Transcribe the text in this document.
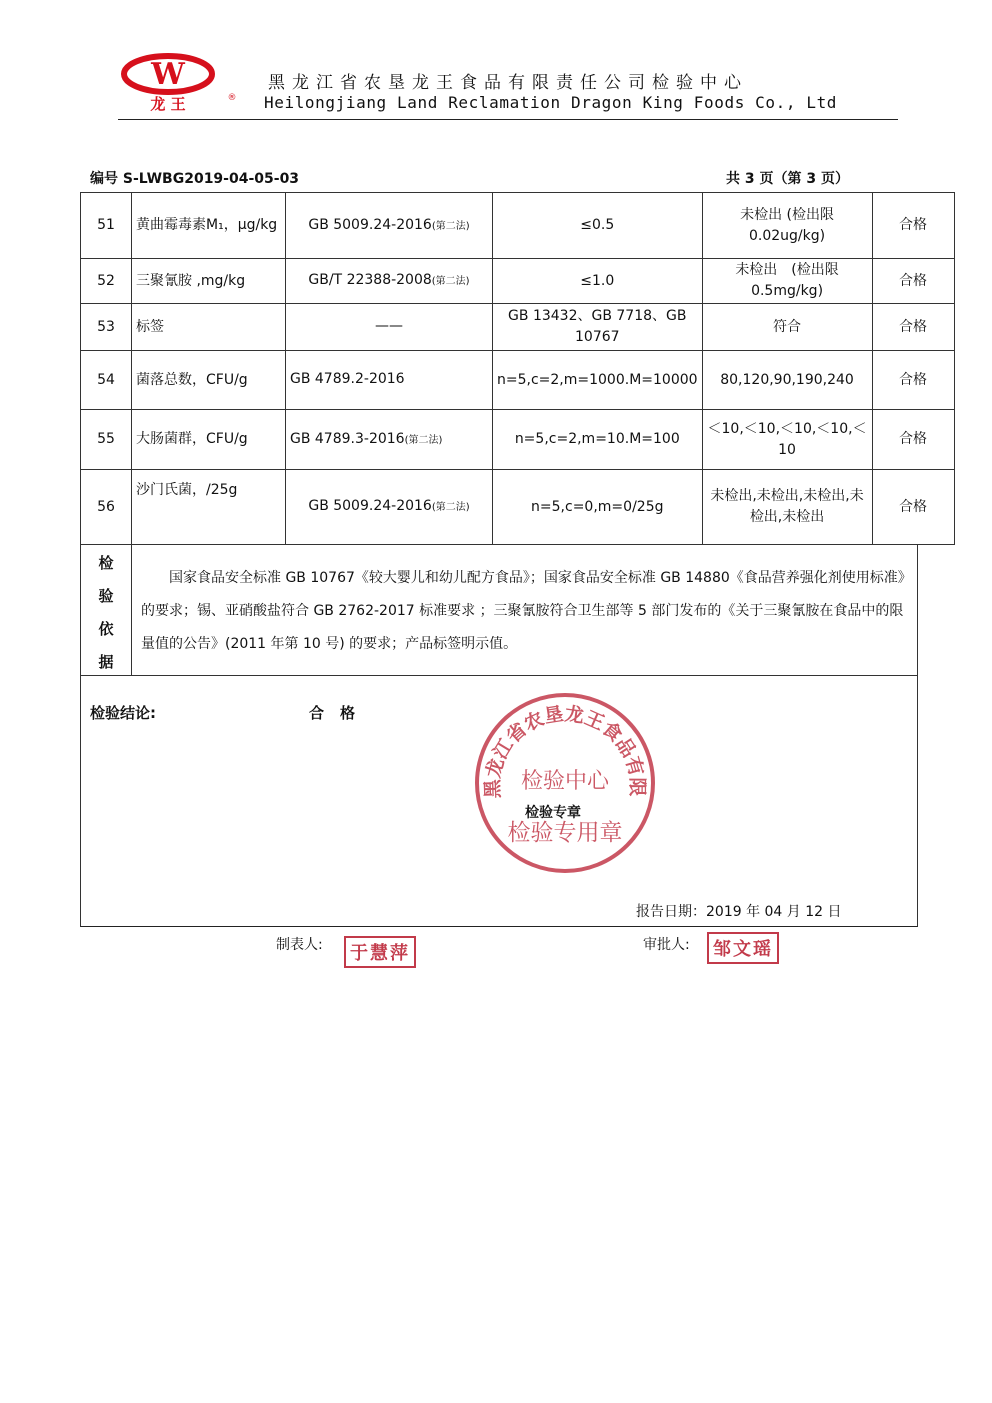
W
龙 王	®
黑龙江省农垦龙王食品有限责任公司检验中心
Heilongjiang Land Reclamation Dragon King Foods Co., Ltd
编号 S-LWBG2019-04-05-03	共 3 页（第 3 页）
51	黄曲霉毒素M₁，μg/kg	GB 5009.24-2016(第二法)	≤0.5	未检出 (检出限 0.02ug/kg)	合格
52	三聚氰胺 ,mg/kg	GB/T 22388-2008(第二法)	≤1.0	未检出　(检出限 0.5mg/kg)	合格
53	标签	——	GB 13432、GB 7718、GB 10767	符合	合格
54	菌落总数，CFU/g	GB 4789.2-2016	n=5,c=2,m=1000.M=10000	80,120,90,190,240	合格
55	大肠菌群，CFU/g	GB 4789.3-2016(第二法)	n=5,c=2,m=10.M=100	＜10,＜10,＜10,＜10,＜10	合格
56	沙门氏菌，/25g	GB 5009.24-2016(第二法)	n=5,c=0,m=0/25g	未检出,未检出,未检出,未检出,未检出	合格
检验依据
国家食品安全标准 GB 10767《较大婴儿和幼儿配方食品》；国家食品安全标准 GB 14880《食品营养强化剂使用标准》的要求；锡、亚硝酸盐符合 GB 2762-2017 标准要求 ；三聚氰胺符合卫生部等 5 部门发布的《关于三聚氰胺在食品中的限量值的公告》(2011 年第 10 号) 的要求；产品标签明示值。
检验结论:	合格
报告日期：2019 年 04 月 12 日
黑龙江省农垦龙王食品有限
检验中心
检验专用章
检验专章
制表人:	于慧萍	审批人:	邹文瑶
